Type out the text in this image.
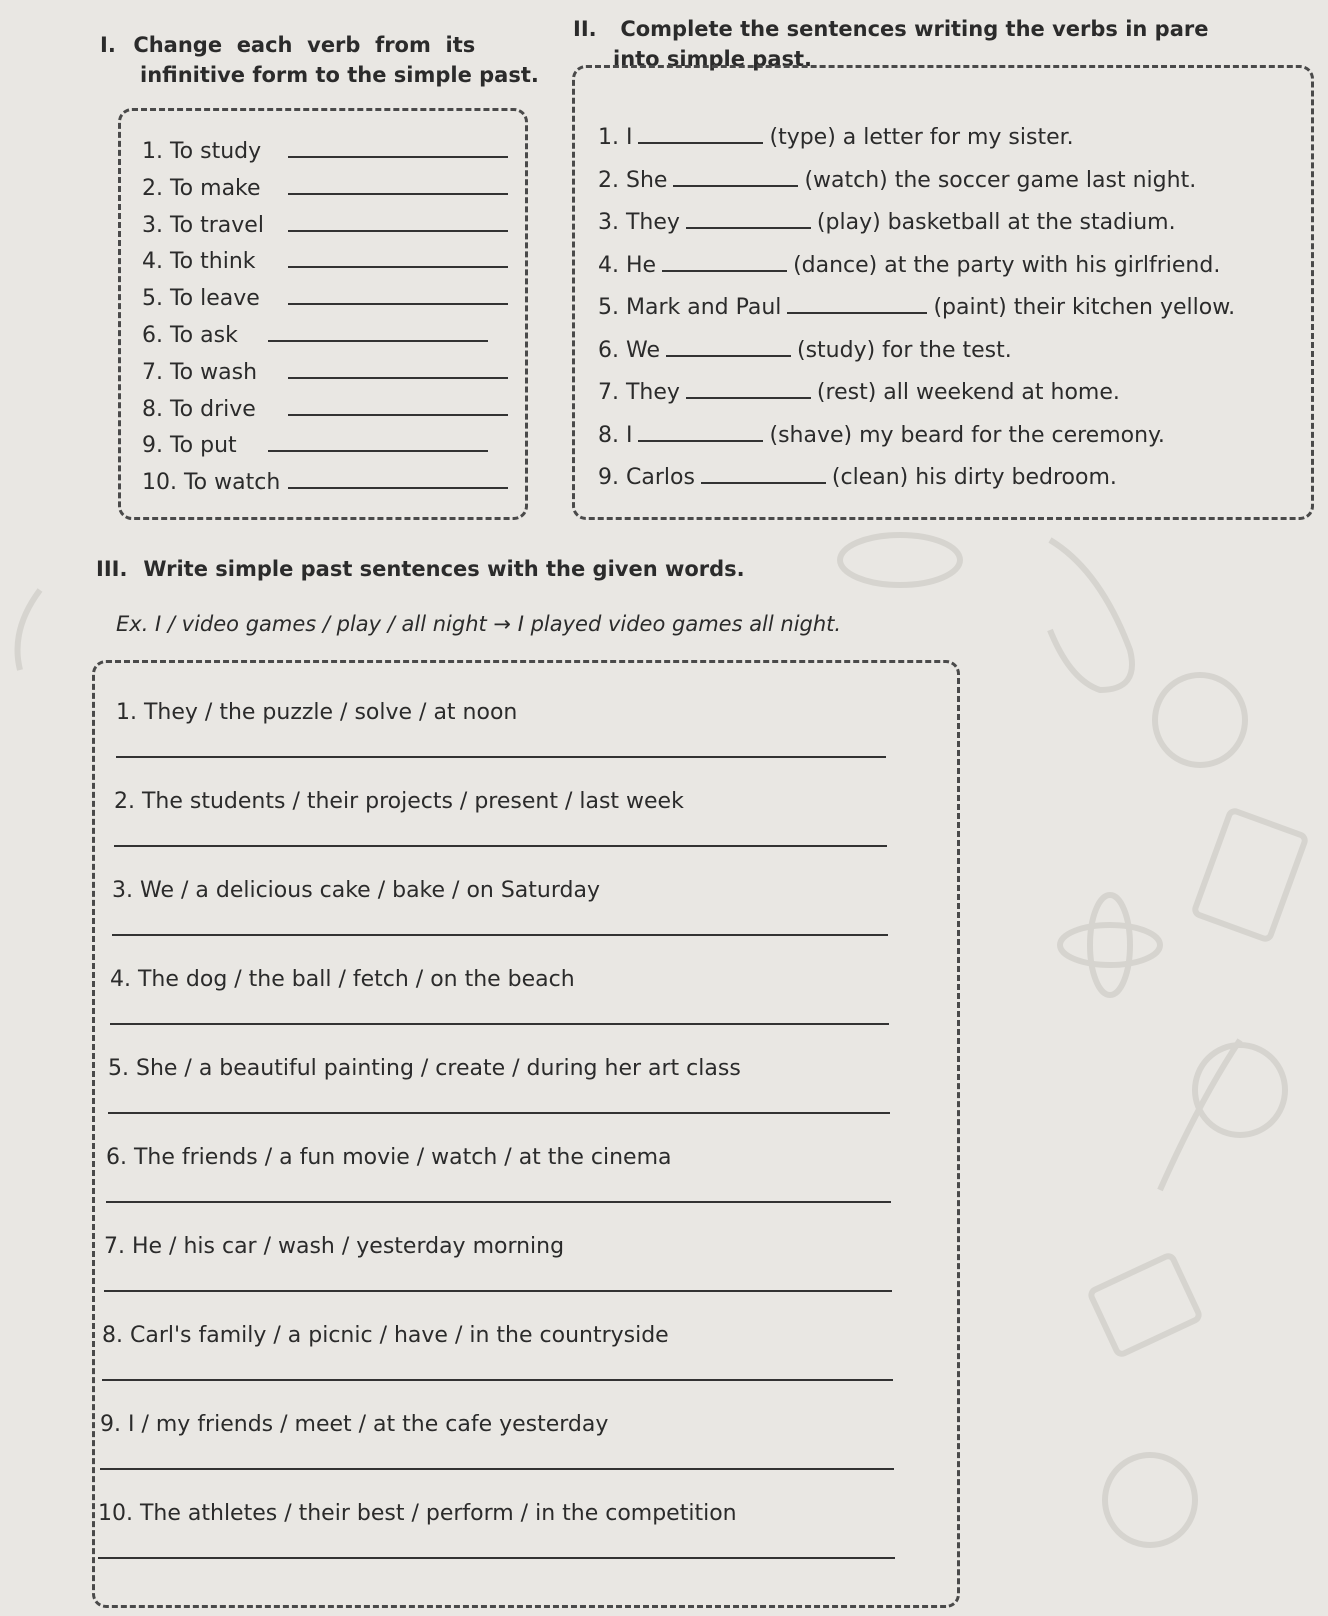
I. Change  each  verb  from  its
infinitive form to the simple past.
II. Complete the sentences writing the verbs in pare
into simple past.
1. To study
2. To make
3. To travel
4. To think
5. To leave
6. To ask
7. To wash
8. To drive
9. To put
10. To watch
1. I	(type) a letter for my sister.
2. She	(watch) the soccer game last night.
3. They	(play) basketball at the stadium.
4. He	(dance) at the party with his girlfriend.
5. Mark and Paul	(paint) their kitchen yellow.
6. We	(study) for the test.
7. They	(rest) all weekend at home.
8. I	(shave) my beard for the ceremony.
9. Carlos	(clean) his dirty bedroom.
III. Write simple past sentences with the given words.
Ex. I / video games / play / all night → I played video games all night.
1. They / the puzzle / solve / at noon
2. The students / their projects / present / last week
3. We / a delicious cake / bake / on Saturday
4. The dog / the ball / fetch / on the beach
5. She / a beautiful painting / create / during her art class
6. The friends / a fun movie / watch / at the cinema
7. He / his car / wash / yesterday morning
8. Carl's family / a picnic / have / in the countryside
9. I / my friends / meet / at the cafe yesterday
10. The athletes / their best / perform / in the competition
